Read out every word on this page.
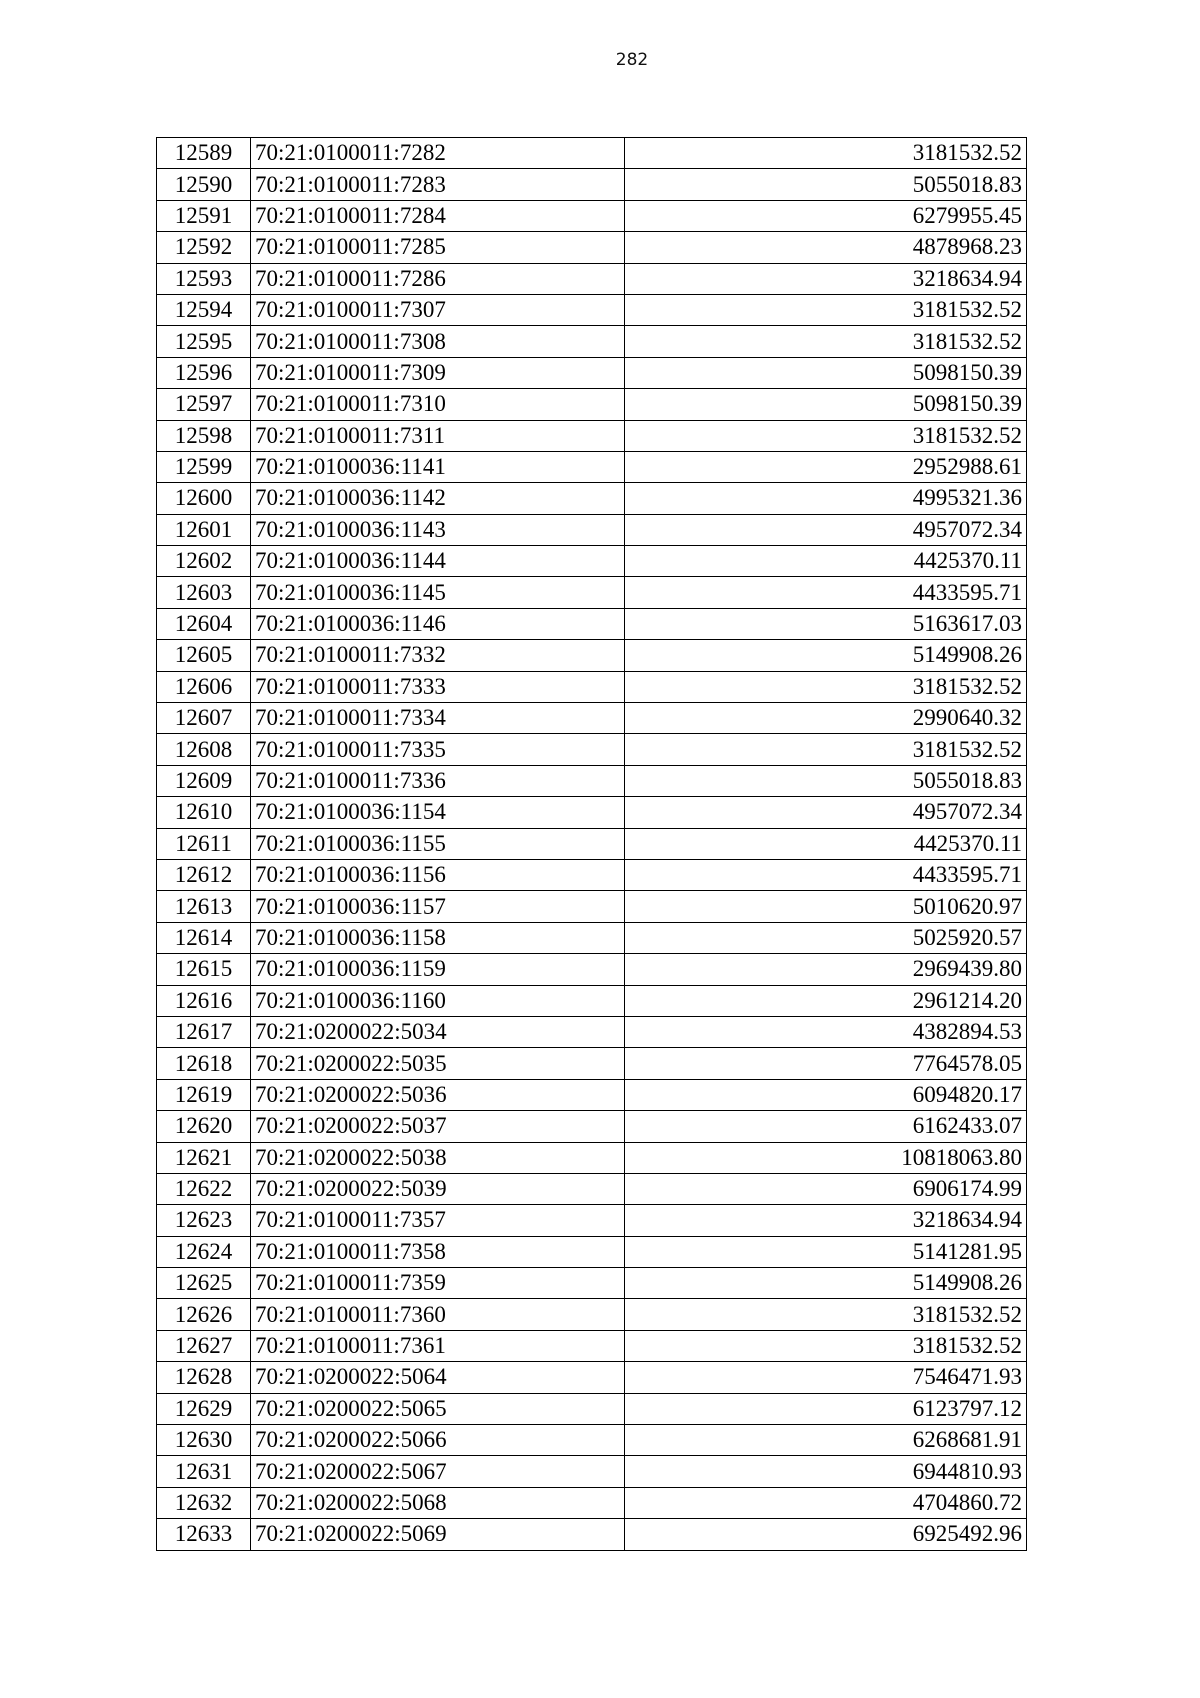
282
12589	70:21:0100011:7282	3181532.52
12590	70:21:0100011:7283	5055018.83
12591	70:21:0100011:7284	6279955.45
12592	70:21:0100011:7285	4878968.23
12593	70:21:0100011:7286	3218634.94
12594	70:21:0100011:7307	3181532.52
12595	70:21:0100011:7308	3181532.52
12596	70:21:0100011:7309	5098150.39
12597	70:21:0100011:7310	5098150.39
12598	70:21:0100011:7311	3181532.52
12599	70:21:0100036:1141	2952988.61
12600	70:21:0100036:1142	4995321.36
12601	70:21:0100036:1143	4957072.34
12602	70:21:0100036:1144	4425370.11
12603	70:21:0100036:1145	4433595.71
12604	70:21:0100036:1146	5163617.03
12605	70:21:0100011:7332	5149908.26
12606	70:21:0100011:7333	3181532.52
12607	70:21:0100011:7334	2990640.32
12608	70:21:0100011:7335	3181532.52
12609	70:21:0100011:7336	5055018.83
12610	70:21:0100036:1154	4957072.34
12611	70:21:0100036:1155	4425370.11
12612	70:21:0100036:1156	4433595.71
12613	70:21:0100036:1157	5010620.97
12614	70:21:0100036:1158	5025920.57
12615	70:21:0100036:1159	2969439.80
12616	70:21:0100036:1160	2961214.20
12617	70:21:0200022:5034	4382894.53
12618	70:21:0200022:5035	7764578.05
12619	70:21:0200022:5036	6094820.17
12620	70:21:0200022:5037	6162433.07
12621	70:21:0200022:5038	10818063.80
12622	70:21:0200022:5039	6906174.99
12623	70:21:0100011:7357	3218634.94
12624	70:21:0100011:7358	5141281.95
12625	70:21:0100011:7359	5149908.26
12626	70:21:0100011:7360	3181532.52
12627	70:21:0100011:7361	3181532.52
12628	70:21:0200022:5064	7546471.93
12629	70:21:0200022:5065	6123797.12
12630	70:21:0200022:5066	6268681.91
12631	70:21:0200022:5067	6944810.93
12632	70:21:0200022:5068	4704860.72
12633	70:21:0200022:5069	6925492.96
